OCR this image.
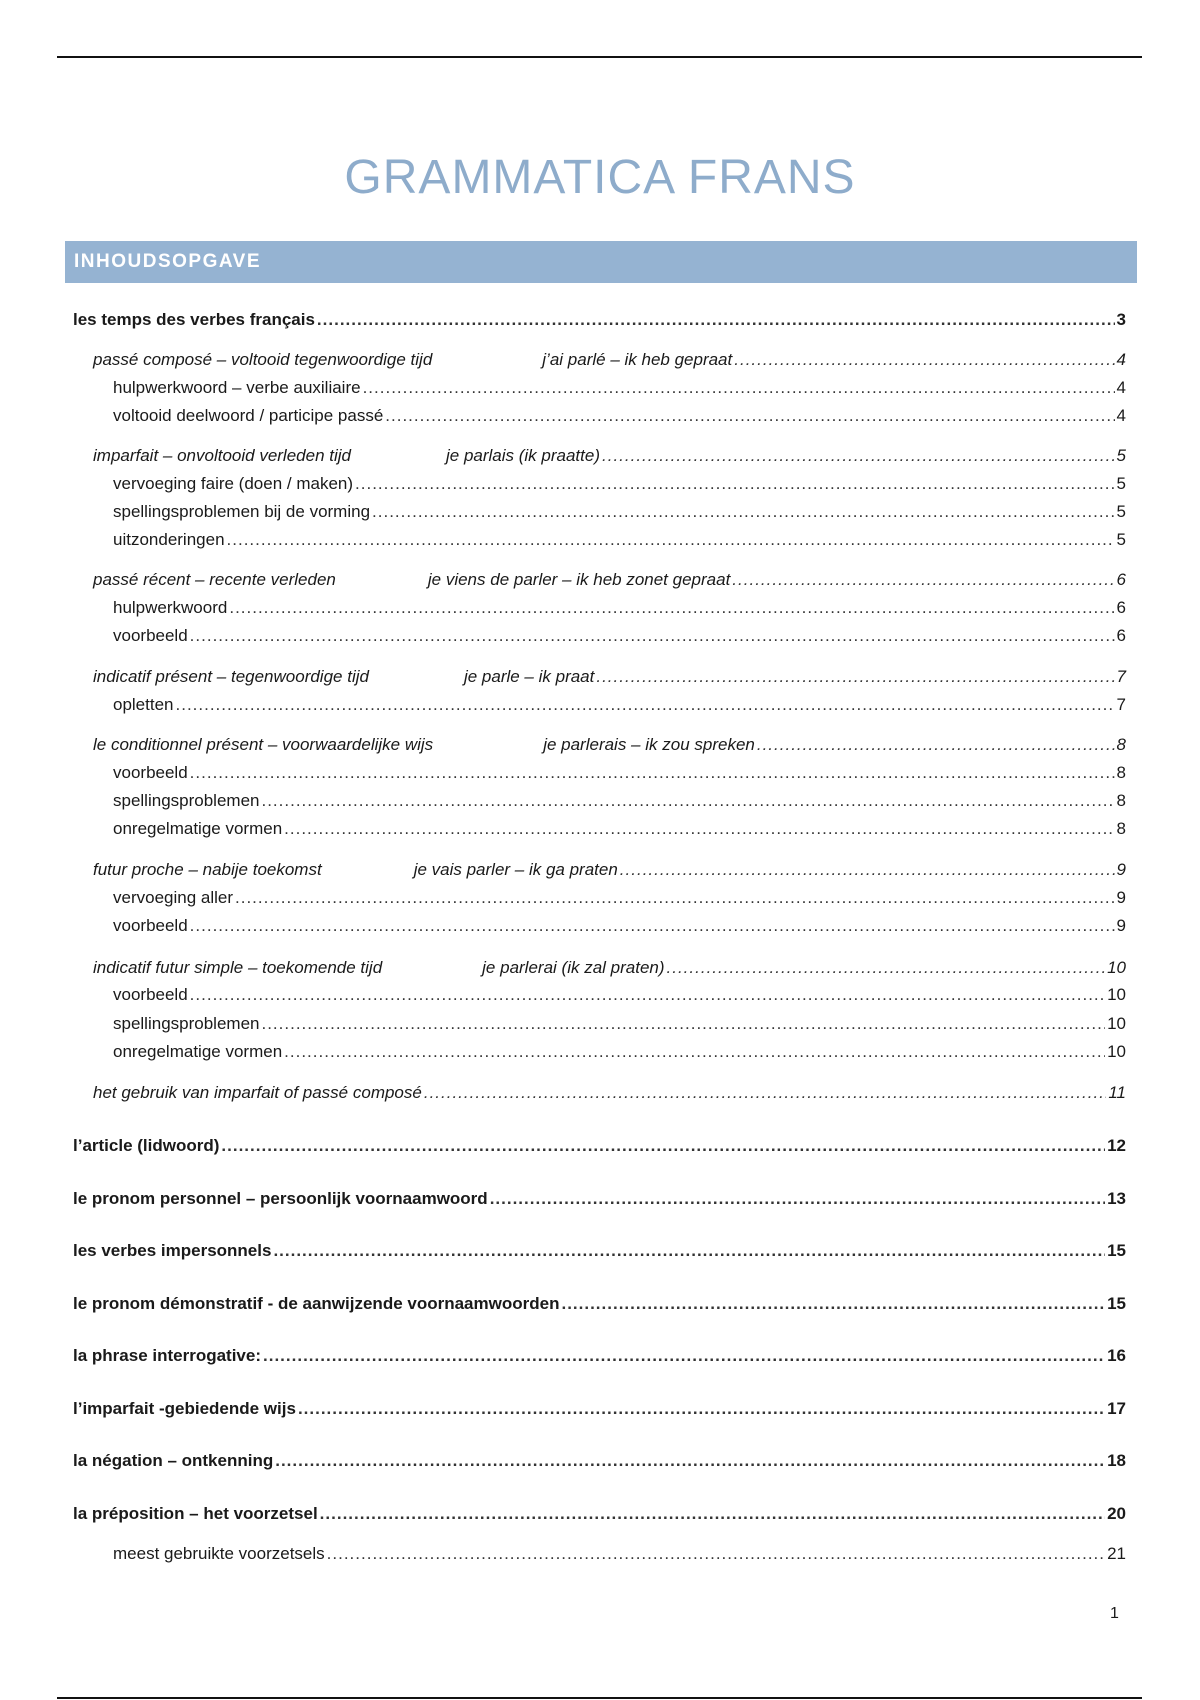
GRAMMATICA FRANS
INHOUDSOPGAVE
les temps des verbes français .....	3
passé composé – voltooid tegenwoordige tijd	j’ai parlé – ik heb gepraat .....	4
hulpwerkwoord – verbe auxiliaire .....	4
voltooid deelwoord / participe passé .....	4
imparfait – onvoltooid verleden tijd	je parlais (ik praatte) .....	5
vervoeging faire (doen / maken) .....	5
spellingsproblemen bij de vorming .....	5
uitzonderingen .....	5
passé récent – recente verleden	je viens de parler – ik heb zonet gepraat .....	6
hulpwerkwoord .....	6
voorbeeld .....	6
indicatif présent – tegenwoordige tijd	je parle – ik praat .....	7
opletten .....	7
le conditionnel présent – voorwaardelijke wijs	je parlerais – ik zou spreken .....	8
voorbeeld .....	8
spellingsproblemen .....	8
onregelmatige vormen .....	8
futur proche – nabije toekomst	je vais parler – ik ga praten .....	9
vervoeging aller .....	9
voorbeeld .....	9
indicatif futur simple – toekomende tijd	je parlerai (ik zal praten) .....	10
voorbeeld .....	10
spellingsproblemen .....	10
onregelmatige vormen .....	10
het gebruik van imparfait of passé composé .....	11
l’article (lidwoord) .....	12
le pronom personnel – persoonlijk voornaamwoord .....	13
les verbes impersonnels .....	15
le pronom démonstratif - de aanwijzende voornaamwoorden .....	15
la phrase interrogative: .....	16
l’imparfait -gebiedende wijs .....	17
la négation – ontkenning .....	18
la préposition – het voorzetsel .....	20
meest gebruikte voorzetsels .....	21
1
